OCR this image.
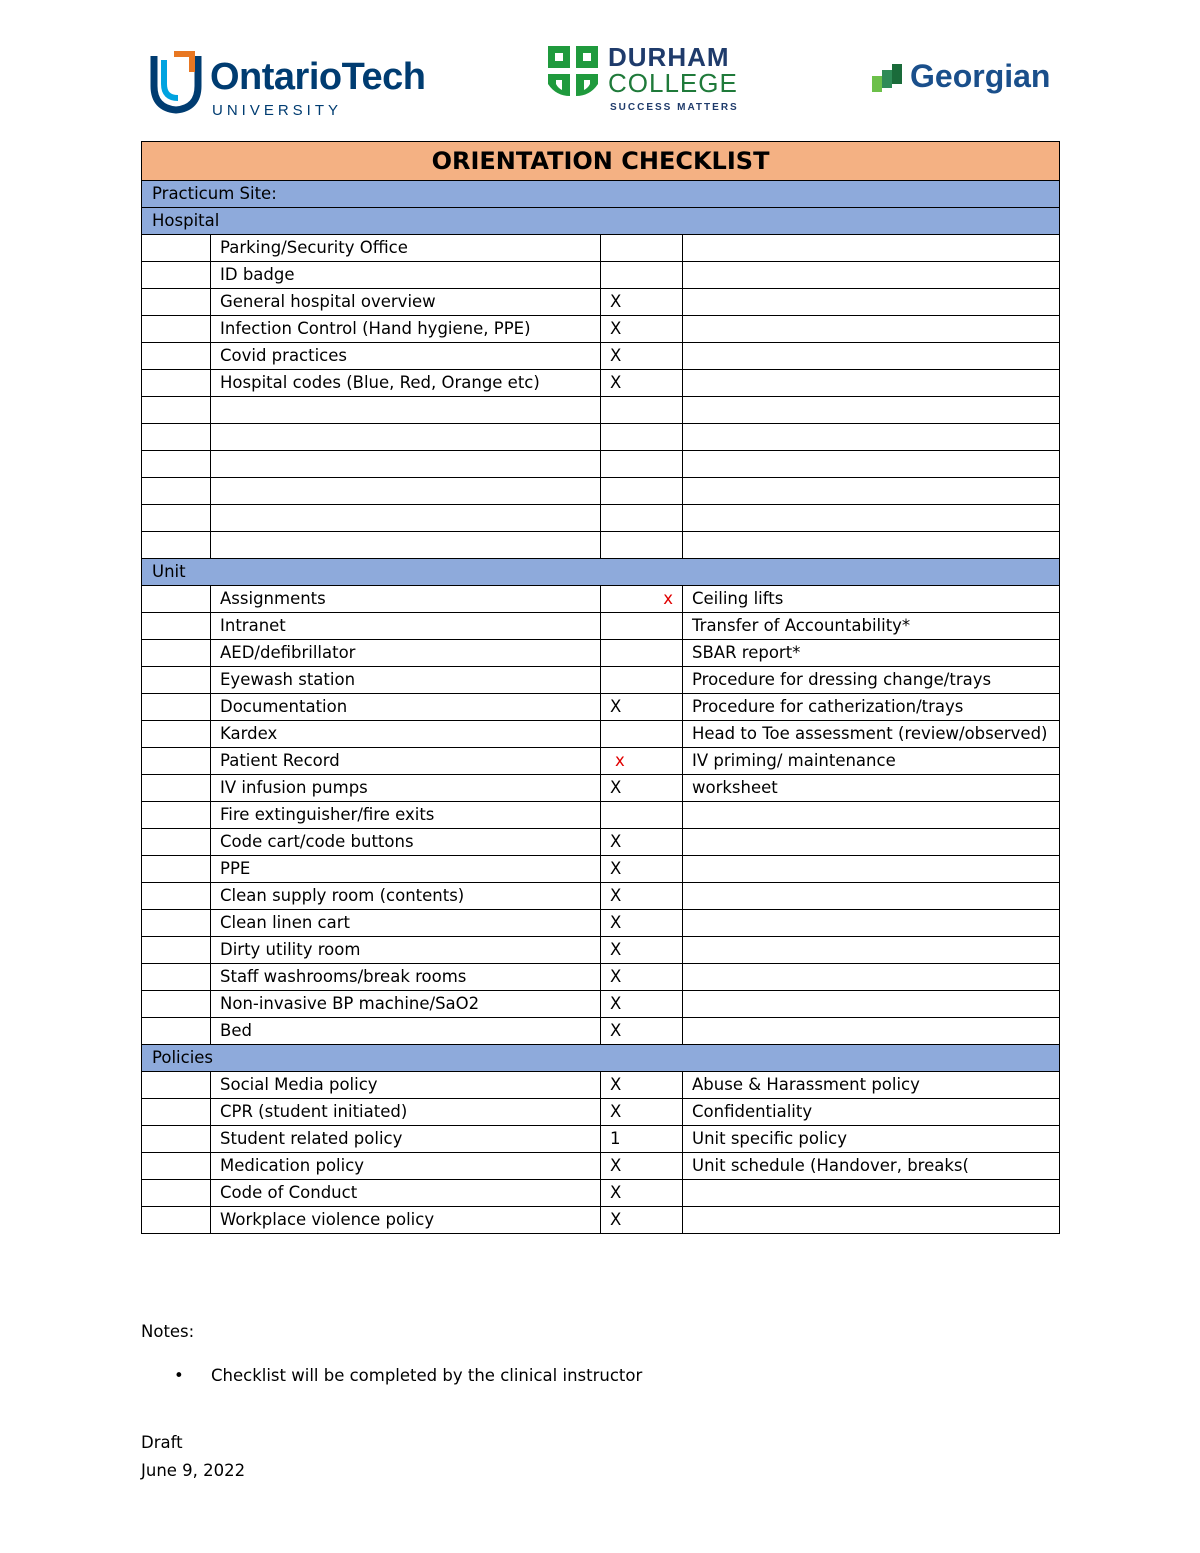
OntarioTech
UNIVERSITY
DURHAM
COLLEGE
SUCCESS MATTERS
Georgian
ORIENTATION CHECKLIST			
Practicum Site:			
Hospital			
	Parking/Security Office		
	ID badge		
	General hospital overview	X	
	Infection Control (Hand hygiene, PPE)	X	
	Covid practices	X	
	Hospital codes (Blue, Red, Orange etc)	X	

Unit			
	Assignments	x	Ceiling lifts
	Intranet		Transfer of Accountability*
	AED/defibrillator		SBAR report*
	Eyewash station		Procedure for dressing change/trays
	Documentation	X	Procedure for catherization/trays
	Kardex		Head to Toe assessment (review/observed)
	Patient Record	x	IV priming/ maintenance
	IV infusion pumps	X	worksheet
	Fire extinguisher/fire exits		
	Code cart/code buttons	X	
	PPE	X	
	Clean supply room (contents)	X	
	Clean linen cart	X	
	Dirty utility room	X	
	Staff washrooms/break rooms	X	
	Non-invasive BP machine/SaO2	X	
	Bed	X	
Policies			
	Social Media policy	X	Abuse & Harassment policy
	CPR (student initiated)	X	Confidentiality
	Student related policy	1	Unit specific policy
	Medication policy	X	Unit schedule (Handover, breaks(
	Code of Conduct	X	
	Workplace violence policy	X	
Notes:
• Checklist will be completed by the clinical instructor
Draft
June 9, 2022
